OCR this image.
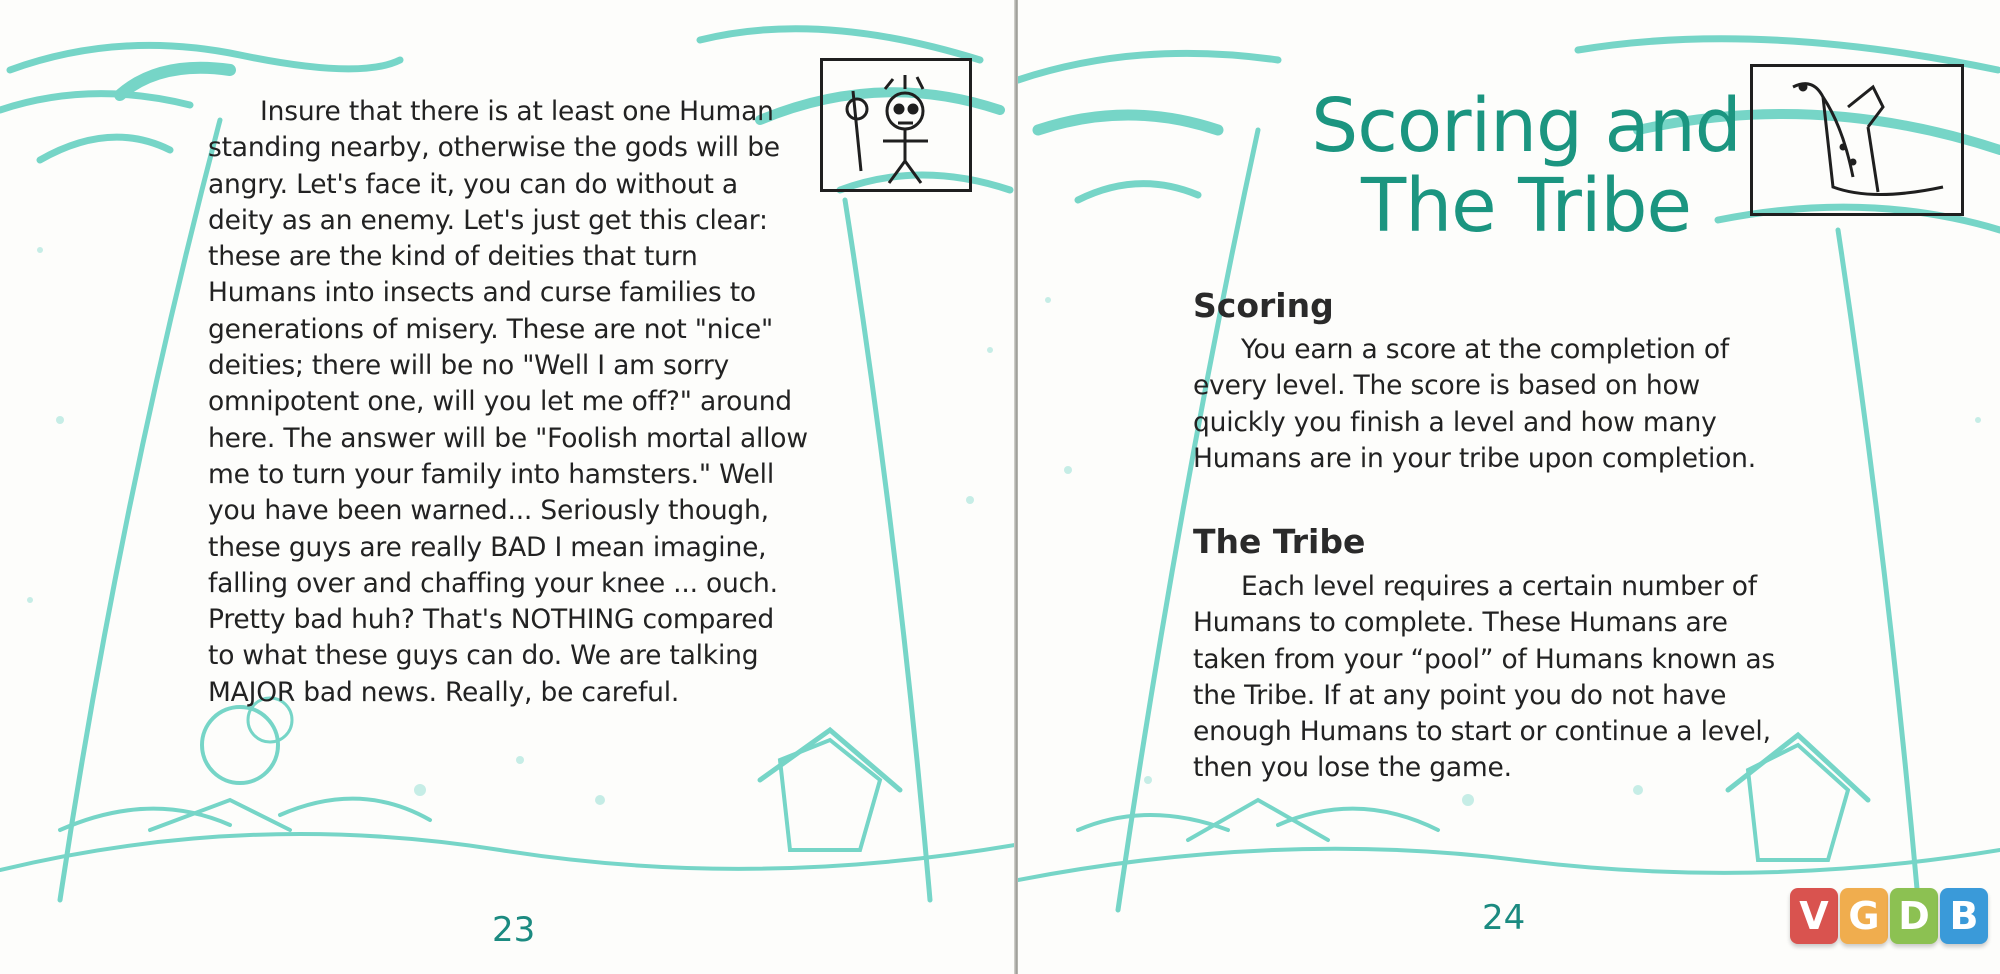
Insure that there is at least one Human standing nearby, otherwise the gods will be angry. Let's face it, you can do without a deity as an enemy. Let's just get this clear: these are the kind of deities that turn Humans into insects and curse families to generations of misery. These are not "nice" deities; there will be no "Well I am sorry omnipotent one, will you let me off?" around here. The answer will be "Foolish mortal allow me to turn your family into hamsters." Well you have been warned... Seriously though, these guys are really BAD I mean imagine, falling over and chaffing your knee ... ouch. Pretty bad huh? That's NOTHING compared to what these guys can do. We are talking MAJOR bad news. Really, be careful.

23	24
Scoring and
The Tribe
Scoring

You earn a score at the completion of every level. The score is based on how quickly you finish a level and how many Humans are in your tribe upon completion.

The Tribe

Each level requires a certain number of Humans to complete. These Humans are taken from your “pool” of Humans known as the Tribe. If at any point you do not have enough Humans to start or continue a level, then you lose the game.

V G D B
